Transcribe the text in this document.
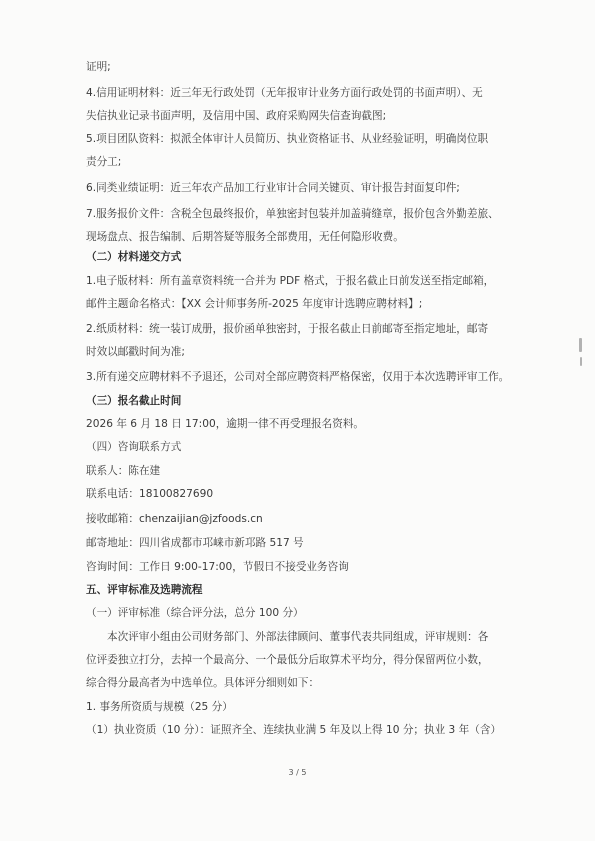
证明;
4.信用证明材料：近三年无行政处罚（无年报审计业务方面行政处罚的书面声明）、无
失信执业记录书面声明，及信用中国、政府采购网失信查询截图;
5.项目团队资料：拟派全体审计人员简历、执业资格证书、从业经验证明，明确岗位职
责分工;
6.同类业绩证明：近三年农产品加工行业审计合同关键页、审计报告封面复印件;
7.服务报价文件：含税全包最终报价，单独密封包装并加盖骑缝章，报价包含外勤差旅、
现场盘点、报告编制、后期答疑等服务全部费用，无任何隐形收费。
（二）材料递交方式
1.电子版材料：所有盖章资料统一合并为 PDF 格式，于报名截止日前发送至指定邮箱，
邮件主题命名格式：【XX 会计师事务所-2025 年度审计选聘应聘材料】;
2.纸质材料：统一装订成册，报价函单独密封，于报名截止日前邮寄至指定地址，邮寄
时效以邮戳时间为准;
3.所有递交应聘材料不予退还，公司对全部应聘资料严格保密，仅用于本次选聘评审工作。
（三）报名截止时间
2026 年 6 月 18 日 17:00，逾期一律不再受理报名资料。
（四）咨询联系方式
联系人：陈在建
联系电话：18100827690
接收邮箱：chenzaijian@jzfoods.cn
邮寄地址：四川省成都市邛崃市新邛路 517 号
咨询时间：工作日 9:00-17:00，节假日不接受业务咨询
五、评审标准及选聘流程
（一）评审标准（综合评分法，总分 100 分）
本次评审小组由公司财务部门、外部法律顾问、董事代表共同组成，评审规则：各
位评委独立打分，去掉一个最高分、一个最低分后取算术平均分，得分保留两位小数，
综合得分最高者为中选单位。具体评分细则如下：
1. 事务所资质与规模（25 分）
（1）执业资质（10 分）：证照齐全、连续执业满 5 年及以上得 10 分；执业 3 年（含）
3 / 5
